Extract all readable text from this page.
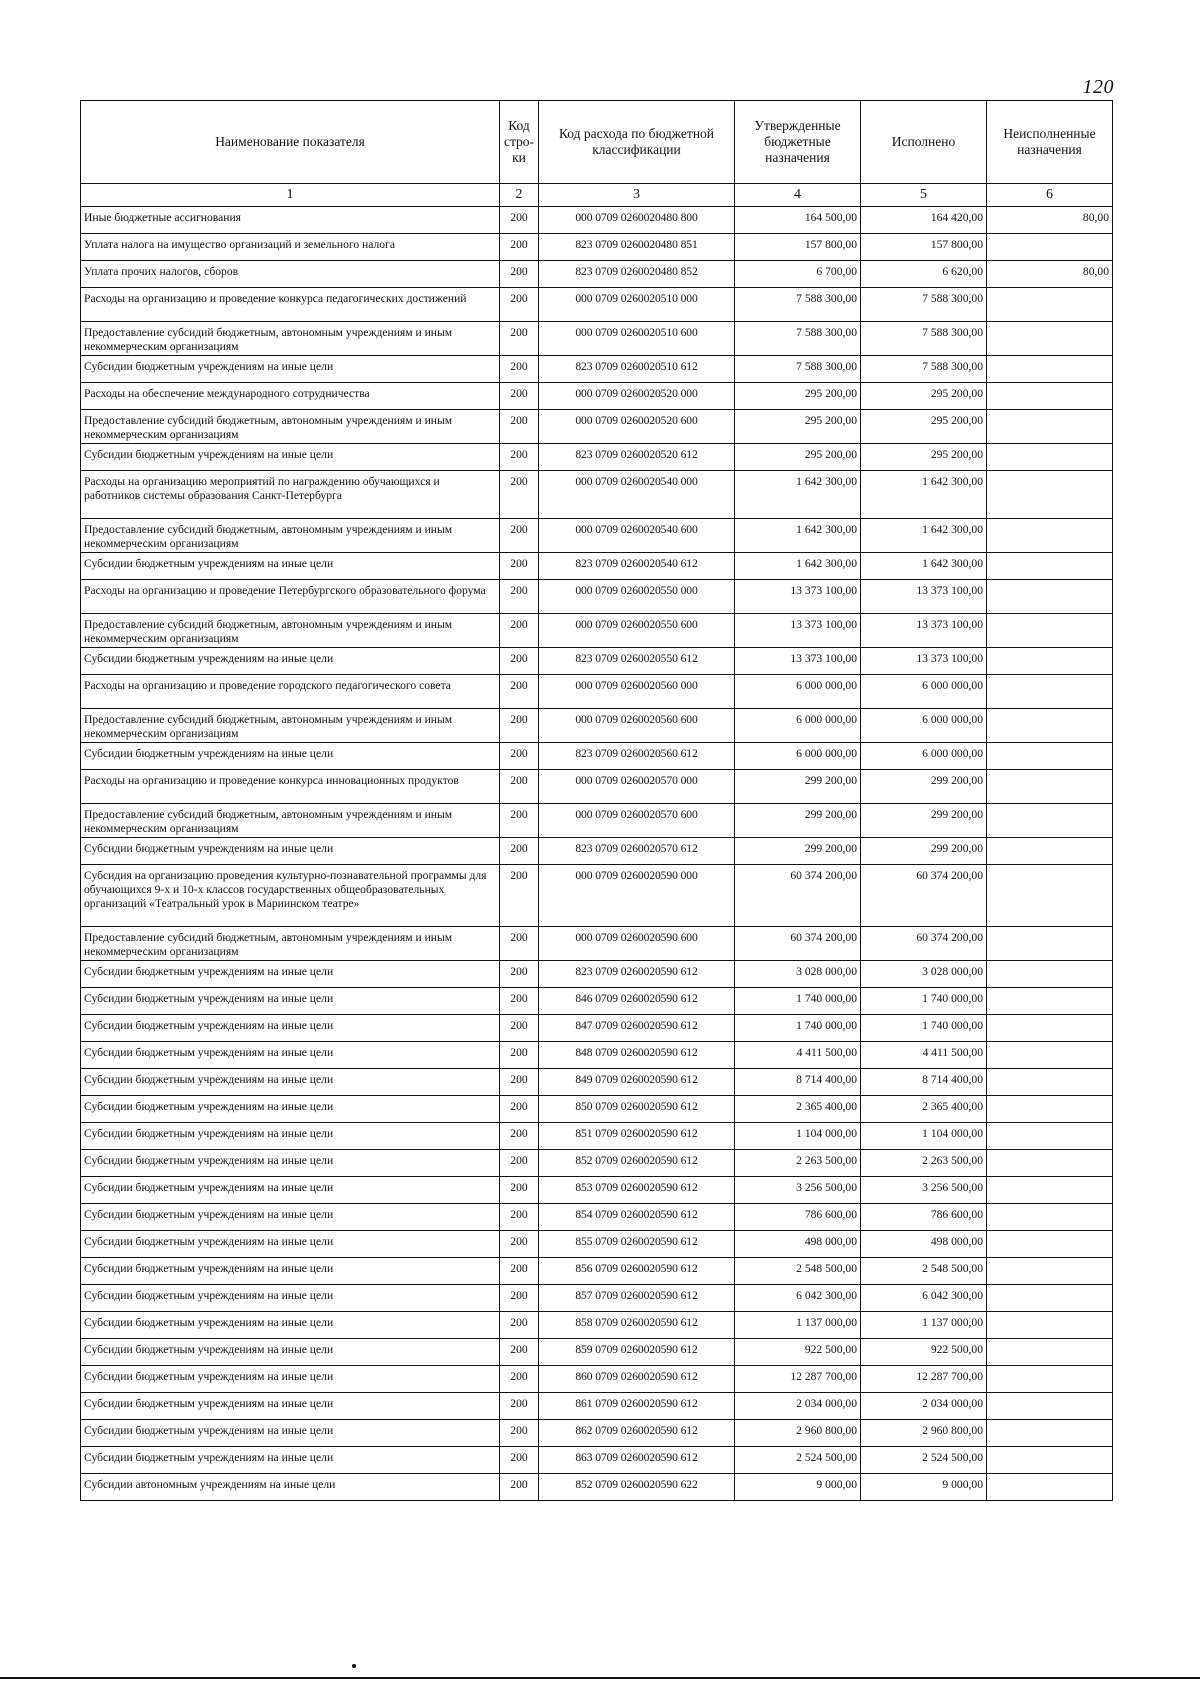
120
Наименование показателя	Код стро-ки	Код расхода по бюджетной классификации	Утвержденные бюджетные назначения	Исполнено	Неисполненные назначения
1	2	3	4	5	6
Иные бюджетные ассигнования	200	000 0709 0260020480 800	164 500,00	164 420,00	80,00
Уплата налога на имущество организаций и земельного налога	200	823 0709 0260020480 851	157 800,00	157 800,00	
Уплата прочих налогов, сборов	200	823 0709 0260020480 852	6 700,00	6 620,00	80,00
Расходы на организацию и проведение конкурса педагогических достижений	200	000 0709 0260020510 000	7 588 300,00	7 588 300,00	
Предоставление субсидий бюджетным, автономным учреждениям и иным некоммерческим организациям	200	000 0709 0260020510 600	7 588 300,00	7 588 300,00	
Субсидии бюджетным учреждениям на иные цели	200	823 0709 0260020510 612	7 588 300,00	7 588 300,00	
Расходы на обеспечение международного сотрудничества	200	000 0709 0260020520 000	295 200,00	295 200,00	
Предоставление субсидий бюджетным, автономным учреждениям и иным некоммерческим организациям	200	000 0709 0260020520 600	295 200,00	295 200,00	
Субсидии бюджетным учреждениям на иные цели	200	823 0709 0260020520 612	295 200,00	295 200,00	
Расходы на организацию мероприятий по награждению обучающихся и работников системы образования Санкт-Петербурга	200	000 0709 0260020540 000	1 642 300,00	1 642 300,00	
Предоставление субсидий бюджетным, автономным учреждениям и иным некоммерческим организациям	200	000 0709 0260020540 600	1 642 300,00	1 642 300,00	
Субсидии бюджетным учреждениям на иные цели	200	823 0709 0260020540 612	1 642 300,00	1 642 300,00	
Расходы на организацию и проведение Петербургского образовательного форума	200	000 0709 0260020550 000	13 373 100,00	13 373 100,00	
Предоставление субсидий бюджетным, автономным учреждениям и иным некоммерческим организациям	200	000 0709 0260020550 600	13 373 100,00	13 373 100,00	
Субсидии бюджетным учреждениям на иные цели	200	823 0709 0260020550 612	13 373 100,00	13 373 100,00	
Расходы на организацию и проведение городского педагогического совета	200	000 0709 0260020560 000	6 000 000,00	6 000 000,00	
Предоставление субсидий бюджетным, автономным учреждениям и иным некоммерческим организациям	200	000 0709 0260020560 600	6 000 000,00	6 000 000,00	
Субсидии бюджетным учреждениям на иные цели	200	823 0709 0260020560 612	6 000 000,00	6 000 000,00	
Расходы на организацию и проведение конкурса инновационных продуктов	200	000 0709 0260020570 000	299 200,00	299 200,00	
Предоставление субсидий бюджетным, автономным учреждениям и иным некоммерческим организациям	200	000 0709 0260020570 600	299 200,00	299 200,00	
Субсидии бюджетным учреждениям на иные цели	200	823 0709 0260020570 612	299 200,00	299 200,00	
Субсидия на организацию проведения культурно-познавательной программы для обучающихся 9-х и 10-х классов государственных общеобразовательных организаций «Театральный урок в Мариинском театре»	200	000 0709 0260020590 000	60 374 200,00	60 374 200,00	
Предоставление субсидий бюджетным, автономным учреждениям и иным некоммерческим организациям	200	000 0709 0260020590 600	60 374 200,00	60 374 200,00	
Субсидии бюджетным учреждениям на иные цели	200	823 0709 0260020590 612	3 028 000,00	3 028 000,00	
Субсидии бюджетным учреждениям на иные цели	200	846 0709 0260020590 612	1 740 000,00	1 740 000,00	
Субсидии бюджетным учреждениям на иные цели	200	847 0709 0260020590 612	1 740 000,00	1 740 000,00	
Субсидии бюджетным учреждениям на иные цели	200	848 0709 0260020590 612	4 411 500,00	4 411 500,00	
Субсидии бюджетным учреждениям на иные цели	200	849 0709 0260020590 612	8 714 400,00	8 714 400,00	
Субсидии бюджетным учреждениям на иные цели	200	850 0709 0260020590 612	2 365 400,00	2 365 400,00	
Субсидии бюджетным учреждениям на иные цели	200	851 0709 0260020590 612	1 104 000,00	1 104 000,00	
Субсидии бюджетным учреждениям на иные цели	200	852 0709 0260020590 612	2 263 500,00	2 263 500,00	
Субсидии бюджетным учреждениям на иные цели	200	853 0709 0260020590 612	3 256 500,00	3 256 500,00	
Субсидии бюджетным учреждениям на иные цели	200	854 0709 0260020590 612	786 600,00	786 600,00	
Субсидии бюджетным учреждениям на иные цели	200	855 0709 0260020590 612	498 000,00	498 000,00	
Субсидии бюджетным учреждениям на иные цели	200	856 0709 0260020590 612	2 548 500,00	2 548 500,00	
Субсидии бюджетным учреждениям на иные цели	200	857 0709 0260020590 612	6 042 300,00	6 042 300,00	
Субсидии бюджетным учреждениям на иные цели	200	858 0709 0260020590 612	1 137 000,00	1 137 000,00	
Субсидии бюджетным учреждениям на иные цели	200	859 0709 0260020590 612	922 500,00	922 500,00	
Субсидии бюджетным учреждениям на иные цели	200	860 0709 0260020590 612	12 287 700,00	12 287 700,00	
Субсидии бюджетным учреждениям на иные цели	200	861 0709 0260020590 612	2 034 000,00	2 034 000,00	
Субсидии бюджетным учреждениям на иные цели	200	862 0709 0260020590 612	2 960 800,00	2 960 800,00	
Субсидии бюджетным учреждениям на иные цели	200	863 0709 0260020590 612	2 524 500,00	2 524 500,00	
Субсидии автономным учреждениям на иные цели	200	852 0709 0260020590 622	9 000,00	9 000,00	
